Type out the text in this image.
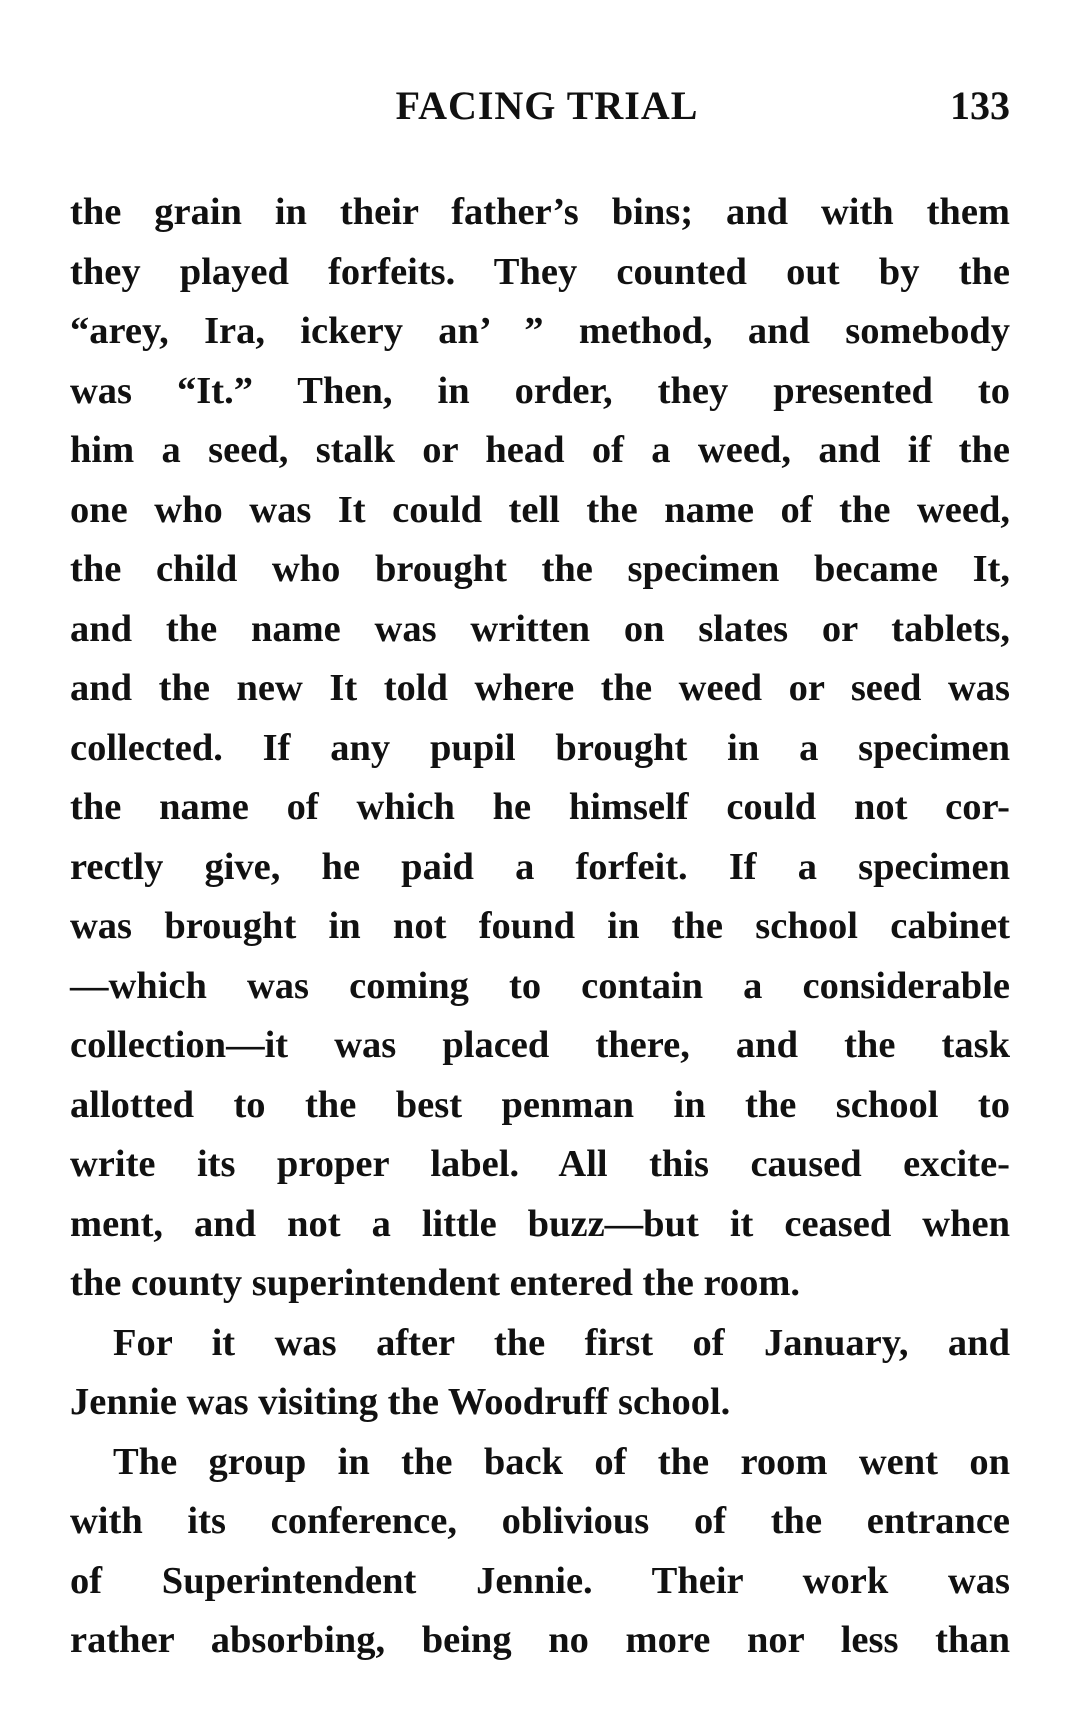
FACING TRIAL	133
the grain in their father’s bins; and with them
they played forfeits. They counted out by the
“arey, Ira, ickery an’ ” method, and somebody
was “It.” Then, in order, they presented to
him a seed, stalk or head of a weed, and if the
one who was It could tell the name of the weed,
the child who brought the specimen became It,
and the name was written on slates or tablets,
and the new It told where the weed or seed was
collected. If any pupil brought in a specimen
the name of which he himself could not cor-
rectly give, he paid a forfeit. If a specimen
was brought in not found in the school cabinet
—which was coming to contain a considerable
collection—it was placed there, and the task
allotted to the best penman in the school to
write its proper label. All this caused excite-
ment, and not a little buzz—but it ceased when
the county superintendent entered the room.
For it was after the first of January, and
Jennie was visiting the Woodruff school.
The group in the back of the room went on
with its conference, oblivious of the entrance
of Superintendent Jennie. Their work was
rather absorbing, being no more nor less than
